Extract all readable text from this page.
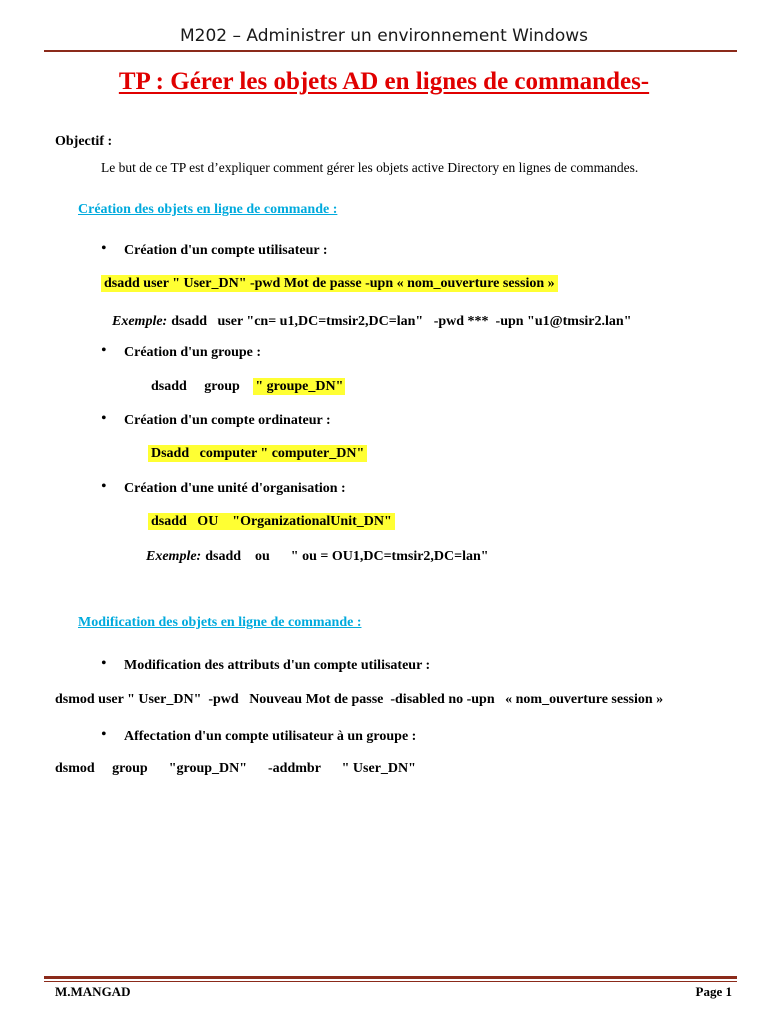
M202 – Administrer un environnement Windows
TP : Gérer les objets AD en lignes de commandes-
Objectif :
Le but de ce TP est d’expliquer comment gérer les objets active Directory en lignes de commandes.
Création des objets en ligne de commande :
• Création d'un compte utilisateur :
dsadd user " User_DN" -pwd Mot de passe -upn « nom_ouverture session »
Exemple: dsadd   user "cn= u1,DC=tmsir2,DC=lan"   -pwd ***  -upn "u1@tmsir2.lan"
• Création d'un groupe :
dsadd     group " groupe_DN"
• Création d'un compte ordinateur :
Dsadd   computer " computer_DN"
• Création d'une unité d'organisation :
dsadd   OU    "OrganizationalUnit_DN"
Exemple: dsadd    ou      " ou = OU1,DC=tmsir2,DC=lan"
Modification des objets en ligne de commande :
• Modification des attributs d'un compte utilisateur :
dsmod user " User_DN"  -pwd   Nouveau Mot de passe  -disabled no -upn   « nom_ouverture session »
• Affectation d'un compte utilisateur à un groupe :
dsmod     group      "group_DN"      -addmbr      " User_DN"
M.MANGAD	Page 1
